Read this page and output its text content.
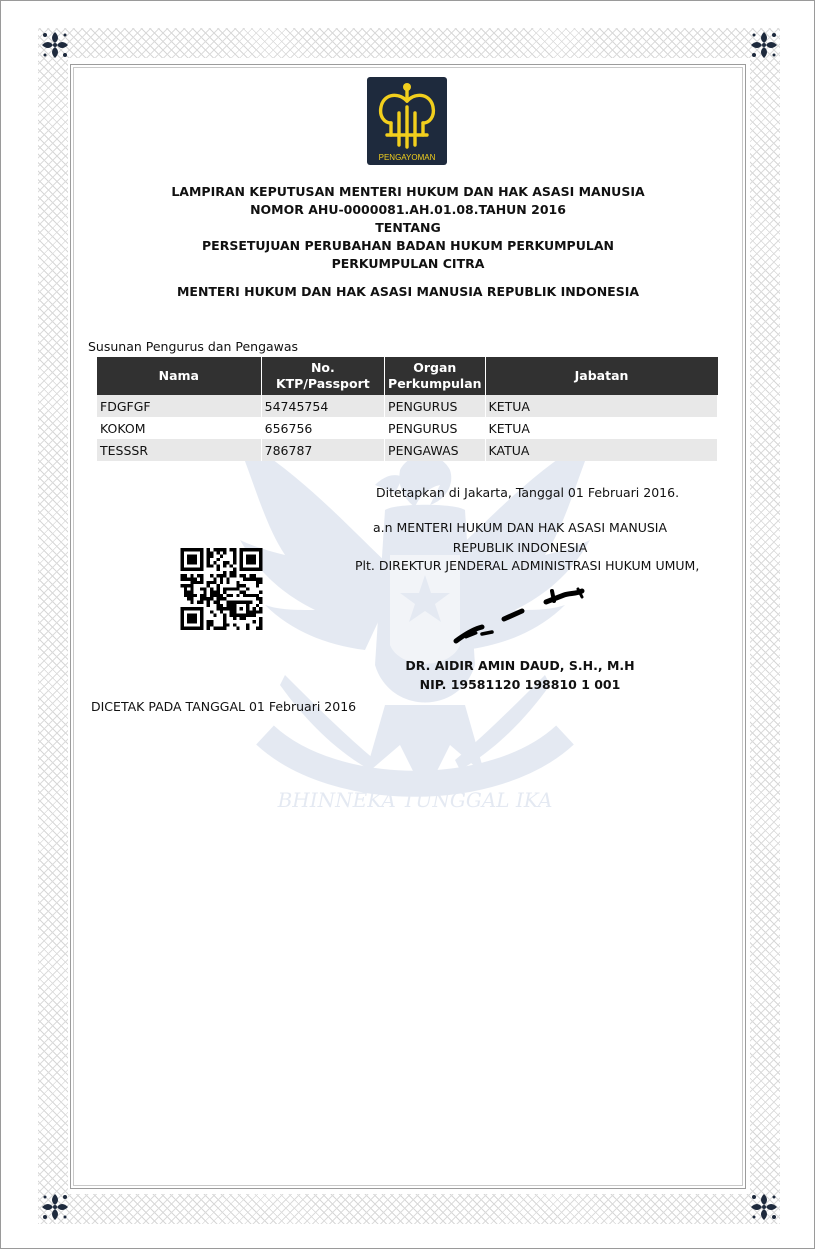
BHINNEKA TUNGGAL IKA
PENGAYOMAN
LAMPIRAN KEPUTUSAN MENTERI HUKUM DAN HAK ASASI MANUSIA
NOMOR AHU-0000081.AH.01.08.TAHUN 2016
TENTANG
PERSETUJUAN PERUBAHAN BADAN HUKUM PERKUMPULAN
PERKUMPULAN CITRA
MENTERI HUKUM DAN HAK ASASI MANUSIA REPUBLIK INDONESIA
Susunan Pengurus dan Pengawas
Nama	No. KTP/Passport	Organ Perkumpulan	Jabatan
FDGFGF	54745754	PENGURUS	KETUA
KOKOM	656756	PENGURUS	KETUA
TESSSR	786787	PENGAWAS	KATUA
Ditetapkan di Jakarta, Tanggal 01 Februari 2016.
a.n MENTERI HUKUM DAN HAK ASASI MANUSIA
REPUBLIK INDONESIA
Plt. DIREKTUR JENDERAL ADMINISTRASI HUKUM UMUM,
DR. AIDIR AMIN DAUD, S.H., M.H
NIP. 19581120 198810 1 001
DICETAK PADA TANGGAL 01 Februari 2016
